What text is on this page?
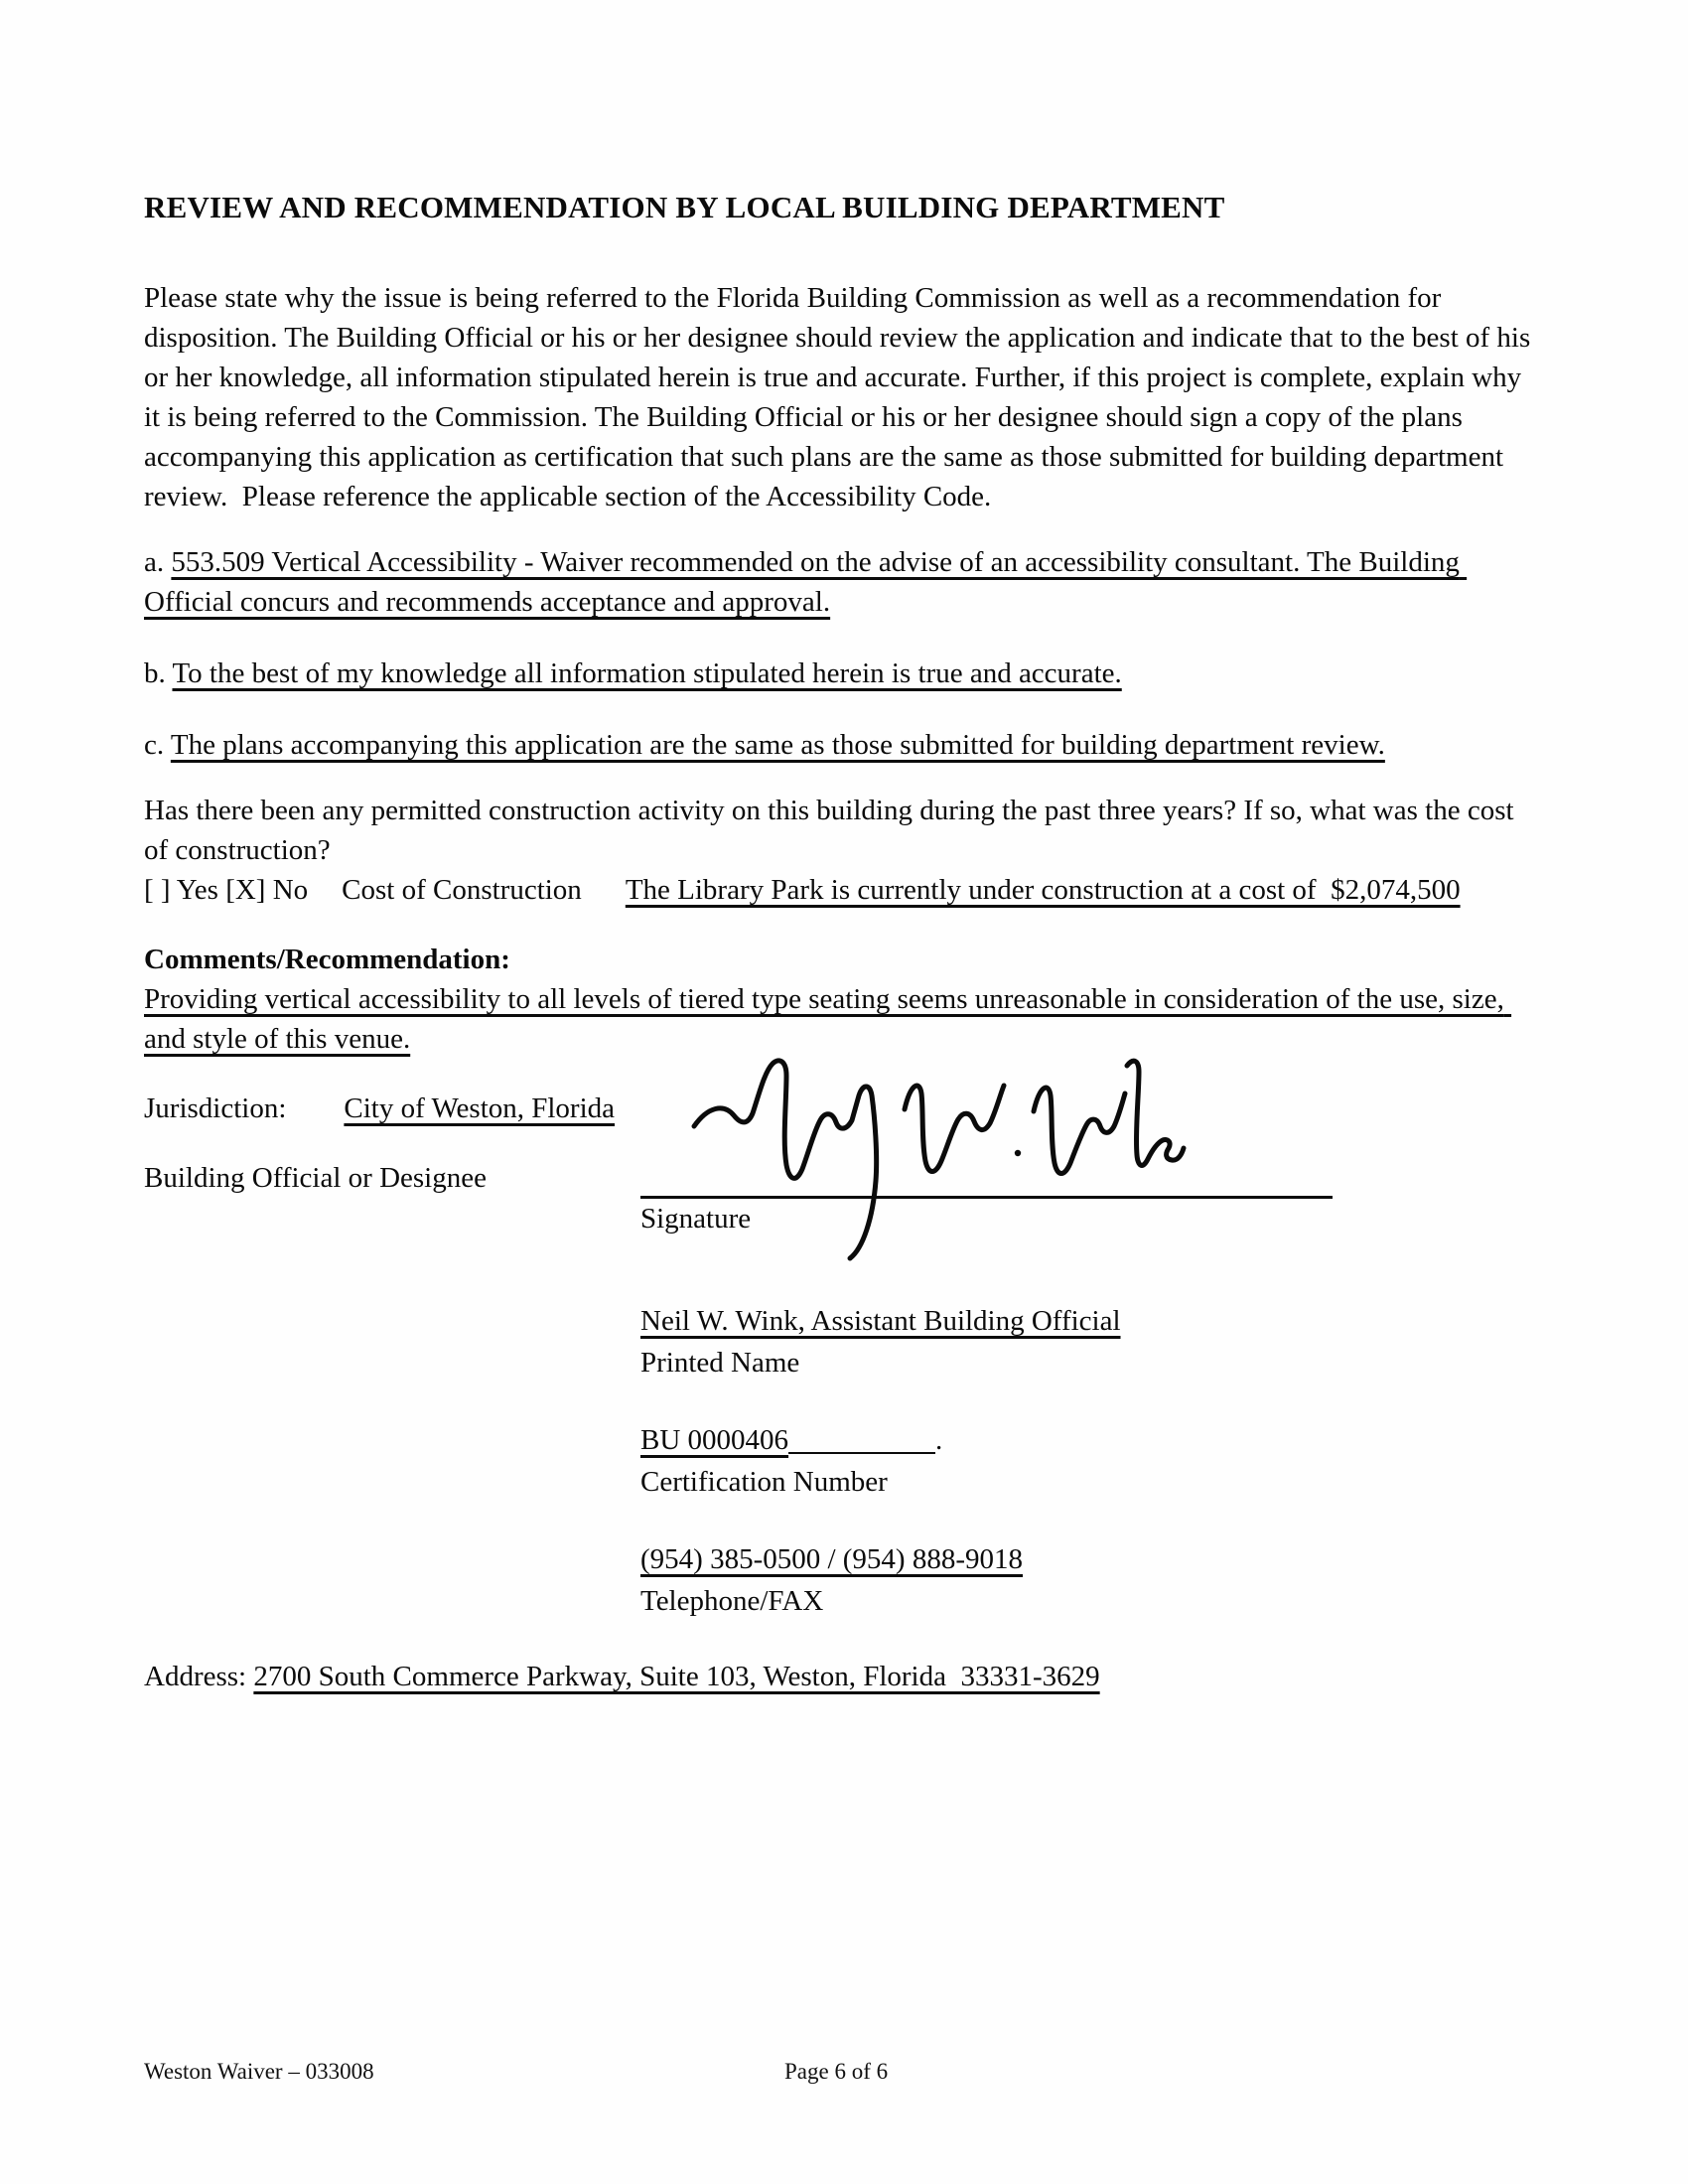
REVIEW AND RECOMMENDATION BY LOCAL BUILDING DEPARTMENT

Please state why the issue is being referred to the Florida Building Commission as well as a recommendation for disposition. The Building Official or his or her designee should review the application and indicate that to the best of his or her knowledge, all information stipulated herein is true and accurate. Further, if this project is complete, explain why it is being referred to the Commission. The Building Official or his or her designee should sign a copy of the plans accompanying this application as certification that such plans are the same as those submitted for building department review.  Please reference the applicable section of the Accessibility Code.

a. 553.509 Vertical Accessibility - Waiver recommended on the advise of an accessibility consultant. The Building Official concurs and recommends acceptance and approval.

b. To the best of my knowledge all information stipulated herein is true and accurate.

c. The plans accompanying this application are the same as those submitted for building department review.

Has there been any permitted construction activity on this building during the past three years? If so, what was the cost of construction?

[ ] Yes [X] No Cost of Construction The Library Park is currently under construction at a cost of  $2,074,500

Comments/Recommendation:

Providing vertical accessibility to all levels of tiered type seating seems unreasonable in consideration of the use, size, and style of this venue.

Jurisdiction: City of Weston, Florida

Building Official or Designee
Signature
Neil W. Wink, Assistant Building Official
Printed Name
BU 0000406	.
Certification Number
(954) 385-0500 / (954) 888-9018
Telephone/FAX

Address: 2700 South Commerce Parkway, Suite 103, Weston, Florida  33331-3629

Weston Waiver – 033008	Page 6 of 6
